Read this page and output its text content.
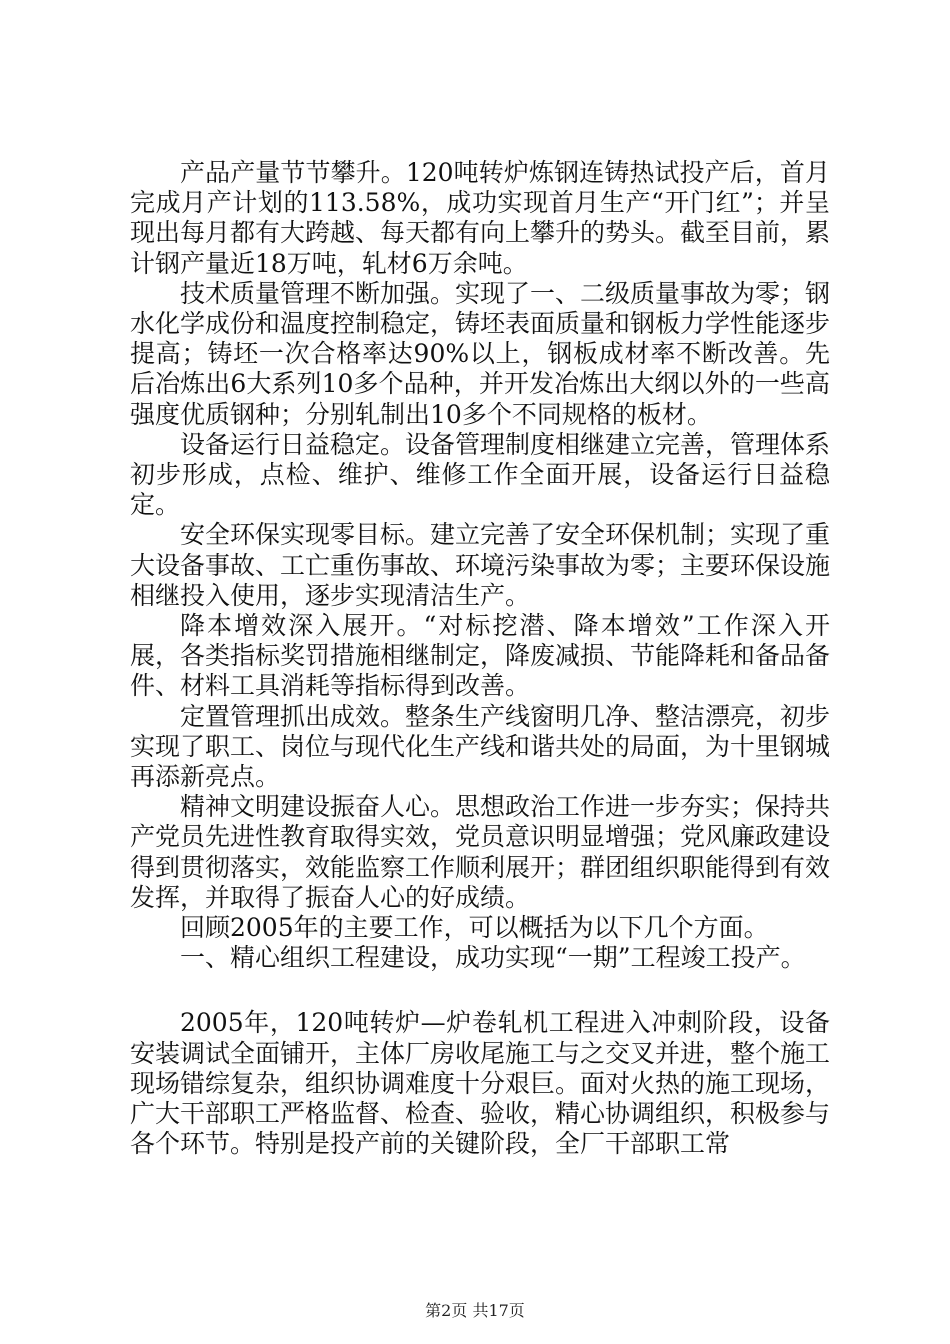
产品产量节节攀升。120吨转炉炼钢连铸热试投产后，首月完成月产计划的113.58%，成功实现首月生产“开门红”；并呈现出每月都有大跨越、每天都有向上攀升的势头。截至目前，累计钢产量近18万吨，轧材6万余吨。

技术质量管理不断加强。实现了一、二级质量事故为零；钢水化学成份和温度控制稳定，铸坯表面质量和钢板力学性能逐步提高；铸坯一次合格率达90%以上，钢板成材率不断改善。先后冶炼出6大系列10多个品种，并开发冶炼出大纲以外的一些高强度优质钢种；分别轧制出10多个不同规格的板材。

设备运行日益稳定。设备管理制度相继建立完善，管理体系初步形成，点检、维护、维修工作全面开展，设备运行日益稳定。

安全环保实现零目标。建立完善了安全环保机制；实现了重大设备事故、工亡重伤事故、环境污染事故为零；主要环保设施相继投入使用，逐步实现清洁生产。

降本增效深入展开。“对标挖潜、降本增效”工作深入开展，各类指标奖罚措施相继制定，降废减损、节能降耗和备品备件、材料工具消耗等指标得到改善。

定置管理抓出成效。整条生产线窗明几净、整洁漂亮，初步实现了职工、岗位与现代化生产线和谐共处的局面，为十里钢城再添新亮点。

精神文明建设振奋人心。思想政治工作进一步夯实；保持共产党员先进性教育取得实效，党员意识明显增强；党风廉政建设得到贯彻落实，效能监察工作顺利展开；群团组织职能得到有效发挥，并取得了振奋人心的好成绩。

回顾2005年的主要工作，可以概括为以下几个方面。

一、精心组织工程建设，成功实现“一期”工程竣工投产。

2005年，120吨转炉—炉卷轧机工程进入冲刺阶段，设备安装调试全面铺开，主体厂房收尾施工与之交叉并进，整个施工现场错综复杂，组织协调难度十分艰巨。面对火热的施工现场，广大干部职工严格监督、检查、验收，精心协调组织，积极参与各个环节。特别是投产前的关键阶段，全厂干部职工常

第2页 共17页
